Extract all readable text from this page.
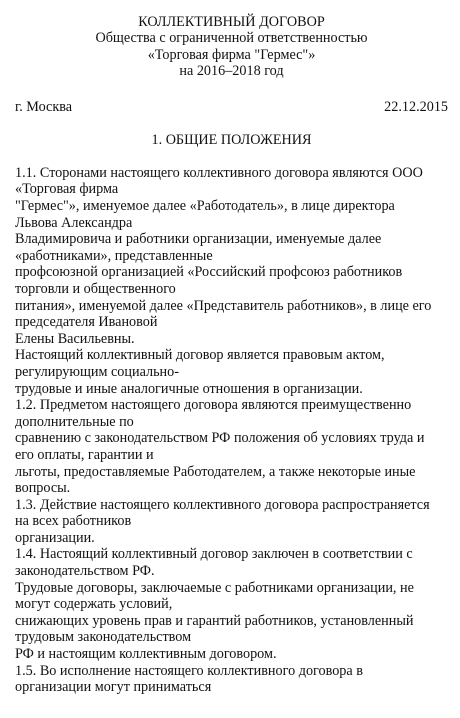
КОЛЛЕКТИВНЫЙ ДОГОВОР
Общества с ограниченной ответственностью
«Торговая фирма "Гермес"»
на 2016–2018 год
г. Москва	22.12.2015
1. ОБЩИЕ ПОЛОЖЕНИЯ
1.1. Сторонами настоящего коллективного договора являются ООО
«Торговая фирма
"Гермес"», именуемое далее «Работодатель», в лице директора
Львова Александра
Владимировича и работники организации, именуемые далее
«работниками», представленные
профсоюзной организацией «Российский профсоюз работников
торговли и общественного
питания», именуемой далее «Представитель работников», в лице его
председателя Ивановой
Елены Васильевны.
Настоящий коллективный договор является правовым актом,
регулирующим социально-
трудовые и иные аналогичные отношения в организации.
1.2. Предметом настоящего договора являются преимущественно
дополнительные по
сравнению с законодательством РФ положения об условиях труда и
его оплаты, гарантии и
льготы, предоставляемые Работодателем, а также некоторые иные
вопросы.
1.3. Действие настоящего коллективного договора распространяется
на всех работников
организации.
1.4. Настоящий коллективный договор заключен в соответствии с
законодательством РФ.
Трудовые договоры, заключаемые с работниками организации, не
могут содержать условий,
снижающих уровень прав и гарантий работников, установленный
трудовым законодательством
РФ и настоящим коллективным договором.
1.5. Во исполнение настоящего коллективного договора в
организации могут приниматься
